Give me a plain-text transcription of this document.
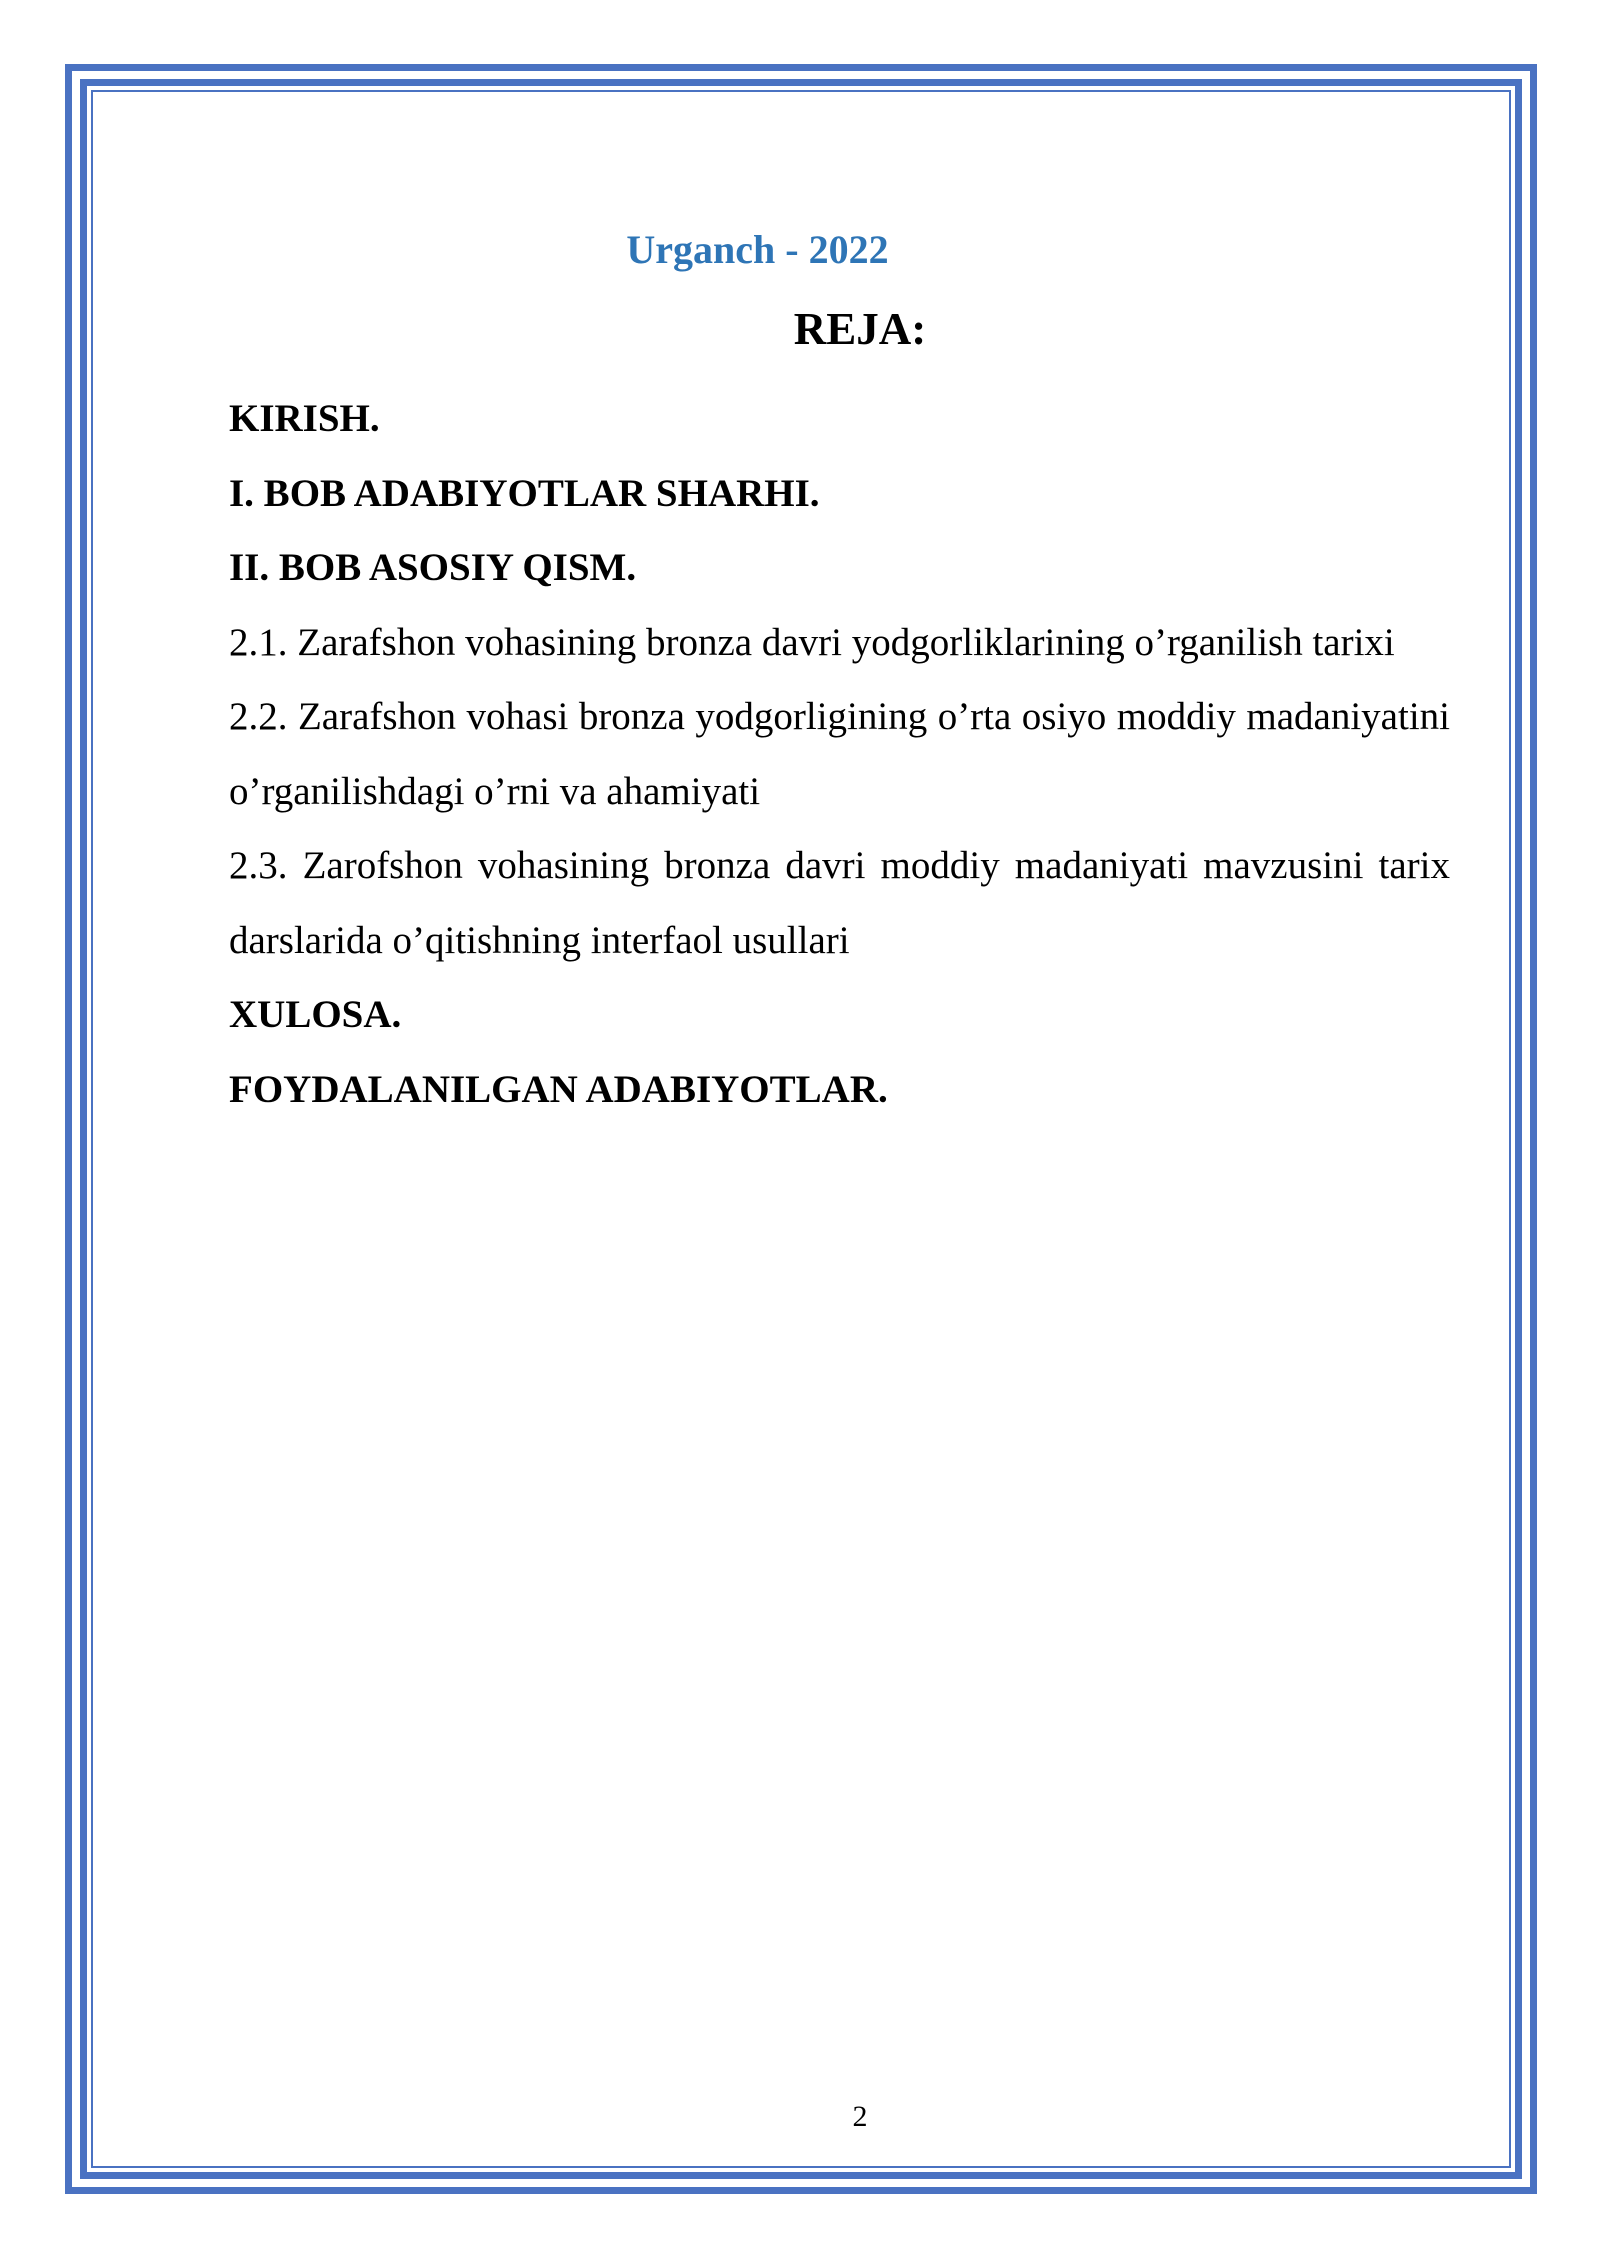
Urganch - 2022
REJA:

KIRISH.

I. BOB ADABIYOTLAR SHARHI.

II. BOB ASOSIY QISM.

2.1. Zarafshon vohasining bronza davri yodgorliklarining o’rganilish tarixi

2.2. Zarafshon vohasi bronza yodgorligining o’rta osiyo moddiy madaniyatini o’rganilishdagi o’rni va ahamiyati

2.3. Zarofshon vohasining bronza davri moddiy madaniyati mavzusini tarix darslarida o’qitishning interfaol usullari

XULOSA.

FOYDALANILGAN ADABIYOTLAR.

2
